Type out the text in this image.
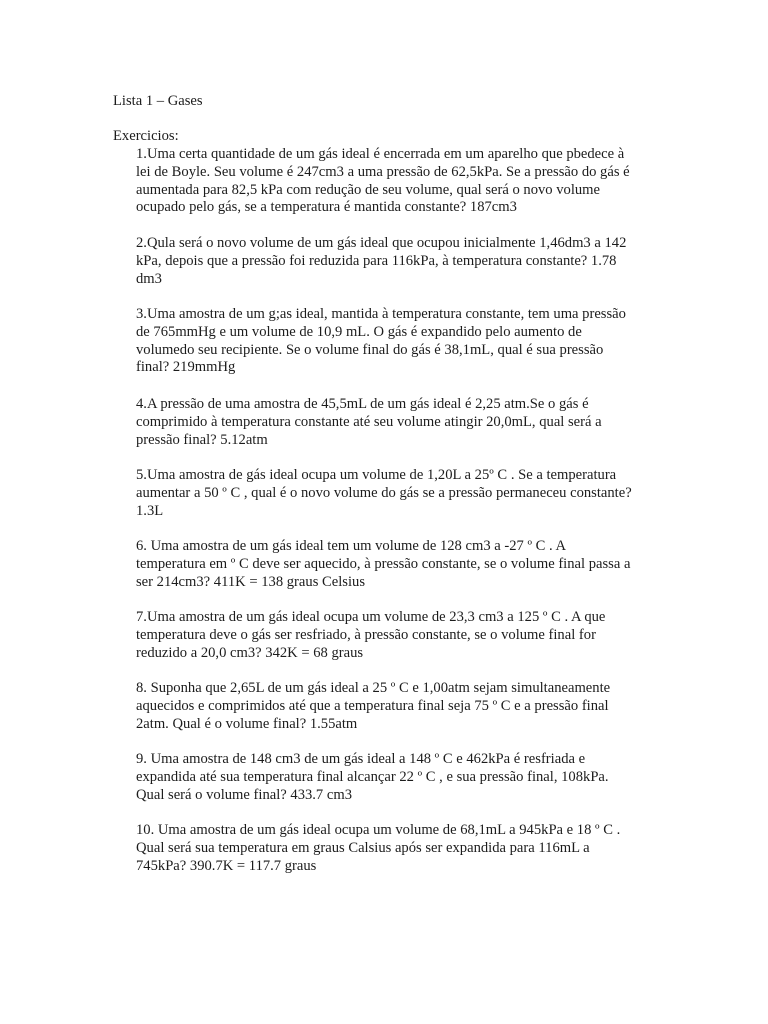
Lista 1 – Gases

Exercicios:

1.Uma certa quantidade de um gás ideal é encerrada em um aparelho que pbedece à
lei de Boyle. Seu volume é 247cm3 a uma pressão de 62,5kPa. Se a pressão do gás é
aumentada para 82,5 kPa com redução de seu volume, qual será o novo volume
ocupado pelo gás, se a temperatura é mantida constante? 187cm3
2.Qula será o novo volume de um gás ideal que ocupou inicialmente 1,46dm3 a 142
kPa, depois que a pressão foi reduzida para 116kPa, à temperatura constante? 1.78
dm3
3.Uma amostra de um g;as ideal, mantida à temperatura constante, tem uma pressão
de 765mmHg e um volume de 10,9 mL. O gás é expandido pelo aumento de
volumedo seu recipiente. Se o volume final do gás é 38,1mL, qual é sua pressão
final? 219mmHg
4.A pressão de uma amostra de 45,5mL de um gás ideal é 2,25 atm.Se o gás é
comprimido à temperatura constante até seu volume atingir 20,0mL, qual será a
pressão final? 5.12atm
5.Uma amostra de gás ideal ocupa um volume de 1,20L a 25º C . Se a temperatura
aumentar a 50 º C , qual é o novo volume do gás se a pressão permaneceu constante?
1.3L
6. Uma amostra de um gás ideal tem um volume de 128 cm3 a -27 º C . A
temperatura em º C deve ser aquecido, à pressão constante, se o volume final passa a
ser 214cm3? 411K = 138 graus Celsius
7.Uma amostra de um gás ideal ocupa um volume de 23,3 cm3 a 125 º C . A que
temperatura deve o gás ser resfriado, à pressão constante, se o volume final for
reduzido a 20,0 cm3? 342K = 68 graus
8. Suponha que 2,65L de um gás ideal a 25 º C e 1,00atm sejam simultaneamente
aquecidos e comprimidos até que a temperatura final seja 75 º C e a pressão final
2atm. Qual é o volume final? 1.55atm
9. Uma amostra de 148 cm3 de um gás ideal a 148 º C e 462kPa é resfriada e
expandida até sua temperatura final alcançar 22 º C , e sua pressão final, 108kPa.
Qual será o volume final? 433.7 cm3
10. Uma amostra de um gás ideal ocupa um volume de 68,1mL a 945kPa e 18 º C .
Qual será sua temperatura em graus Calsius após ser expandida para 116mL a
745kPa? 390.7K = 117.7 graus
